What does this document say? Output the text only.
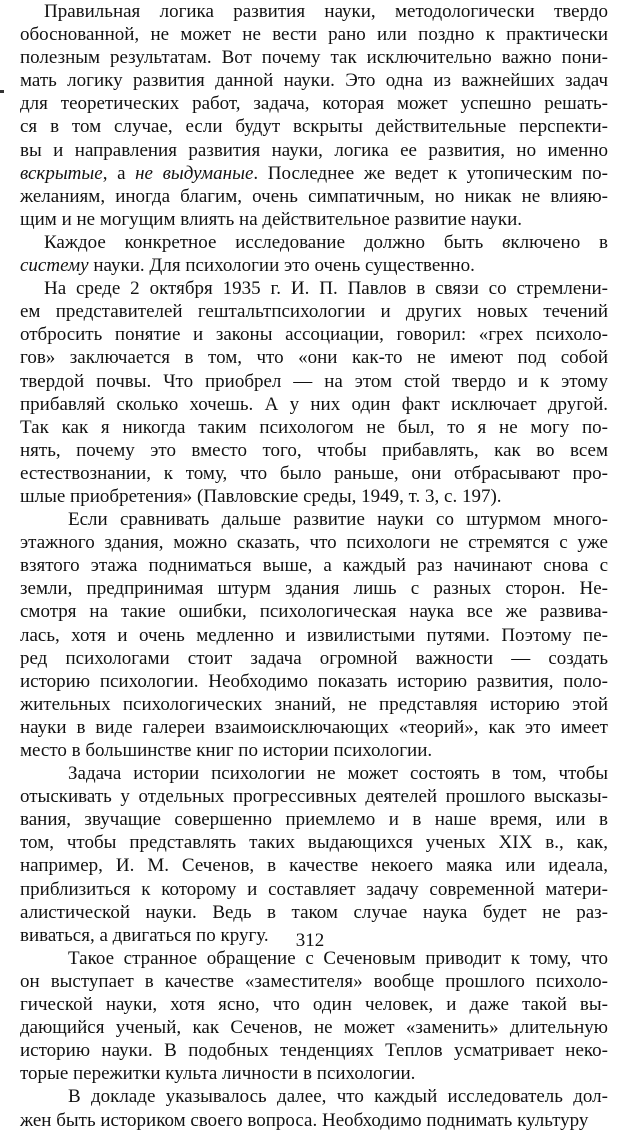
Правильная логика развития науки, методологически твердо
обоснованной, не может не вести рано или поздно к практически
полезным результатам. Вот почему так исключительно важно пони-
мать логику развития данной науки. Это одна из важнейших задач
для теоретических работ, задача, которая может успешно решать-
ся в том случае, если будут вскрыты действительные перспекти-
вы и направления развития науки, логика ее развития, но именно
вскрытые, а не выдуманые. Последнее же ведет к утопическим по-
желаниям, иногда благим, очень симпатичным, но никак не влияю-
щим и не могущим влиять на действительное развитие науки.

Каждое конкретное исследование должно быть включено в
систему науки. Для психологии это очень существенно.

На среде 2 октября 1935 г. И. П. Павлов в связи со стремлени-
ем представителей гештальтпсихологии и других новых течений
отбросить понятие и законы ассоциации, говорил: «грех психоло-
гов» заключается в том, что «они как-то не имеют под собой
твердой почвы. Что приобрел — на этом стой твердо и к этому
прибавляй сколько хочешь. А у них один факт исключает другой.
Так как я никогда таким психологом не был, то я не могу по-
нять, почему это вместо того, чтобы прибавлять, как во всем
естествознании, к тому, что было раньше, они отбрасывают про-
шлые приобретения» (Павловские среды, 1949, т. 3, с. 197).

Если сравнивать дальше развитие науки со штурмом много-
этажного здания, можно сказать, что психологи не стремятся с уже
взятого этажа подниматься выше, а каждый раз начинают снова с
земли, предпринимая штурм здания лишь с разных сторон. Не-
смотря на такие ошибки, психологическая наука все же развива-
лась, хотя и очень медленно и извилистыми путями. Поэтому пе-
ред психологами стоит задача огромной важности — создать
историю психологии. Необходимо показать историю развития, поло-
жительных психологических знаний, не представляя историю этой
науки в виде галереи взаимоисключающих «теорий», как это имеет
место в большинстве книг по истории психологии.

Задача истории психологии не может состоять в том, чтобы
отыскивать у отдельных прогрессивных деятелей прошлого высказы-
вания, звучащие совершенно приемлемо и в наше время, или в
том, чтобы представлять таких выдающихся ученых XIX в., как,
например, И. М. Сеченов, в качестве некоего маяка или идеала,
приблизиться к которому и составляет задачу современной матери-
алистической науки. Ведь в таком случае наука будет не раз-
виваться, а двигаться по кругу.

Такое странное обращение с Сеченовым приводит к тому, что
он выступает в качестве «заместителя» вообще прошлого психоло-
гической науки, хотя ясно, что один человек, и даже такой вы-
дающийся ученый, как Сеченов, не может «заменить» длительную
историю науки. В подобных тенденциях Теплов усматривает неко-
торые пережитки культа личности в психологии.

В докладе указывалось далее, что каждый исследователь дол-
жен быть историком своего вопроса. Необходимо поднимать культуру

312
